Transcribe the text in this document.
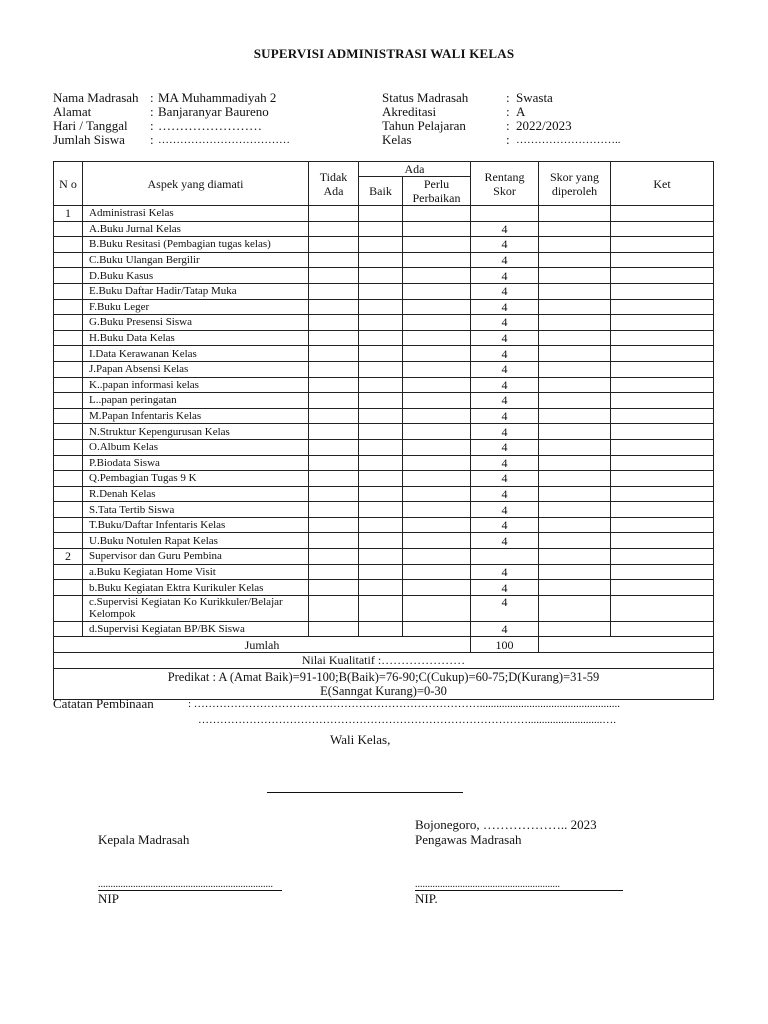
SUPERVISI ADMINISTRASI WALI KELAS
Nama Madrasah : MA Muhammadiyah 2
Alamat	: Banjaranyar Baureno
Hari / Tanggal : ……………………
Jumlah Siswa : ………………………………
Status Madrasah	: Swasta
Akreditasi	: A
Tahun Pelajaran	: 2022/2023
Kelas	: ………………………..
N o	Aspek yang diamati	Tidak Ada	Ada		Rentang Skor	Skor yang diperoleh	Ket
			Baik	Perlu Perbaikan			
1	Administrasi Kelas						
	A.Buku Jurnal Kelas				4		
	B.Buku Resitasi (Pembagian tugas kelas)				4		
	C.Buku Ulangan Bergilir				4		
	D.Buku Kasus				4		
	E.Buku Daftar Hadir/Tatap Muka				4		
	F.Buku Leger				4		
	G.Buku Presensi Siswa				4		
	H.Buku Data Kelas				4		
	I.Data Kerawanan Kelas				4		
	J.Papan Absensi Kelas				4		
	K..papan informasi kelas				4		
	L..papan peringatan				4		
	M.Papan Infentaris Kelas				4		
	N.Struktur Kepengurusan Kelas				4		
	O.Album Kelas				4		
	P.Biodata Siswa				4		
	Q.Pembagian Tugas 9 K				4		
	R.Denah Kelas				4		
	S.Tata Tertib Siswa				4		
	T.Buku/Daftar Infentaris Kelas				4		
	U.Buku Notulen Rapat Kelas				4		
2	Supervisor dan Guru Pembina						
	a.Buku Kegiatan Home Visit				4		
	b.Buku Kegiatan Ektra Kurikuler Kelas				4		
	c.Supervisi Kegiatan Ko Kurikkuler/Belajar Kelompok				4		
	d.Supervisi Kegiatan BP/BK Siswa				4		
Jumlah					100		
Nilai Kualitatif :…………………							

Predikat : A (Amat Baik)=91-100;B(Baik)=76-90;C(Cukup)=60-75;D(Kurang)=31-59
E(Sanngat Kurang)=0-30							
Catatan Pembinaan	: ……………………………………………………………………...................................................
………………………………………………………………………………...........................….
Wali Kelas,
Bojonegoro, ……………….. 2023
Kepala Madrasah	Pengawas Madrasah
......................................................................
NIP
..........................................................
NIP.
